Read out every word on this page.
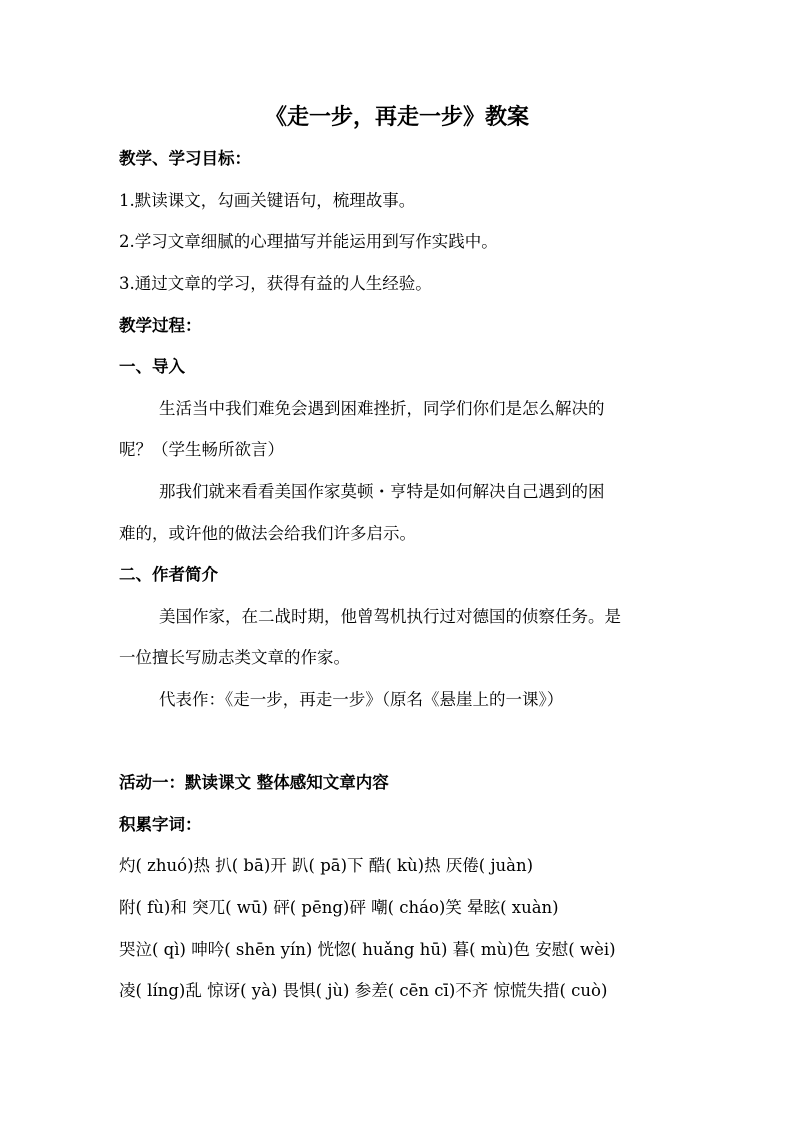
《走一步，再走一步》教案
教学、学习目标：
1.默读课文，勾画关键语句，梳理故事。
2.学习文章细腻的心理描写并能运用到写作实践中。
3.通过文章的学习，获得有益的人生经验。
教学过程：
一、导入
生活当中我们难免会遇到困难挫折，同学们你们是怎么解决的
呢？（学生畅所欲言）
那我们就来看看美国作家莫顿・亨特是如何解决自己遇到的困
难的，或许他的做法会给我们许多启示。
二、作者简介
美国作家，在二战时期，他曾驾机执行过对德国的侦察任务。是
一位擅长写励志类文章的作家。
代表作：《走一步，再走一步》（原名《悬崖上的一课》）
活动一：默读课文 整体感知文章内容
积累字词：
灼( zhuó)热 扒( bā)开 趴( pā)下 酷( kù)热 厌倦( juàn)
附( fù)和 突兀( wū) 砰( pēng)砰 嘲( cháo)笑 晕眩( xuàn)
哭泣( qì) 呻吟( shēn yín) 恍惚( huǎng hū) 暮( mù)色 安慰( wèi)
凌( líng)乱 惊讶( yà) 畏惧( jù) 参差( cēn cī)不齐 惊慌失措( cuò)
